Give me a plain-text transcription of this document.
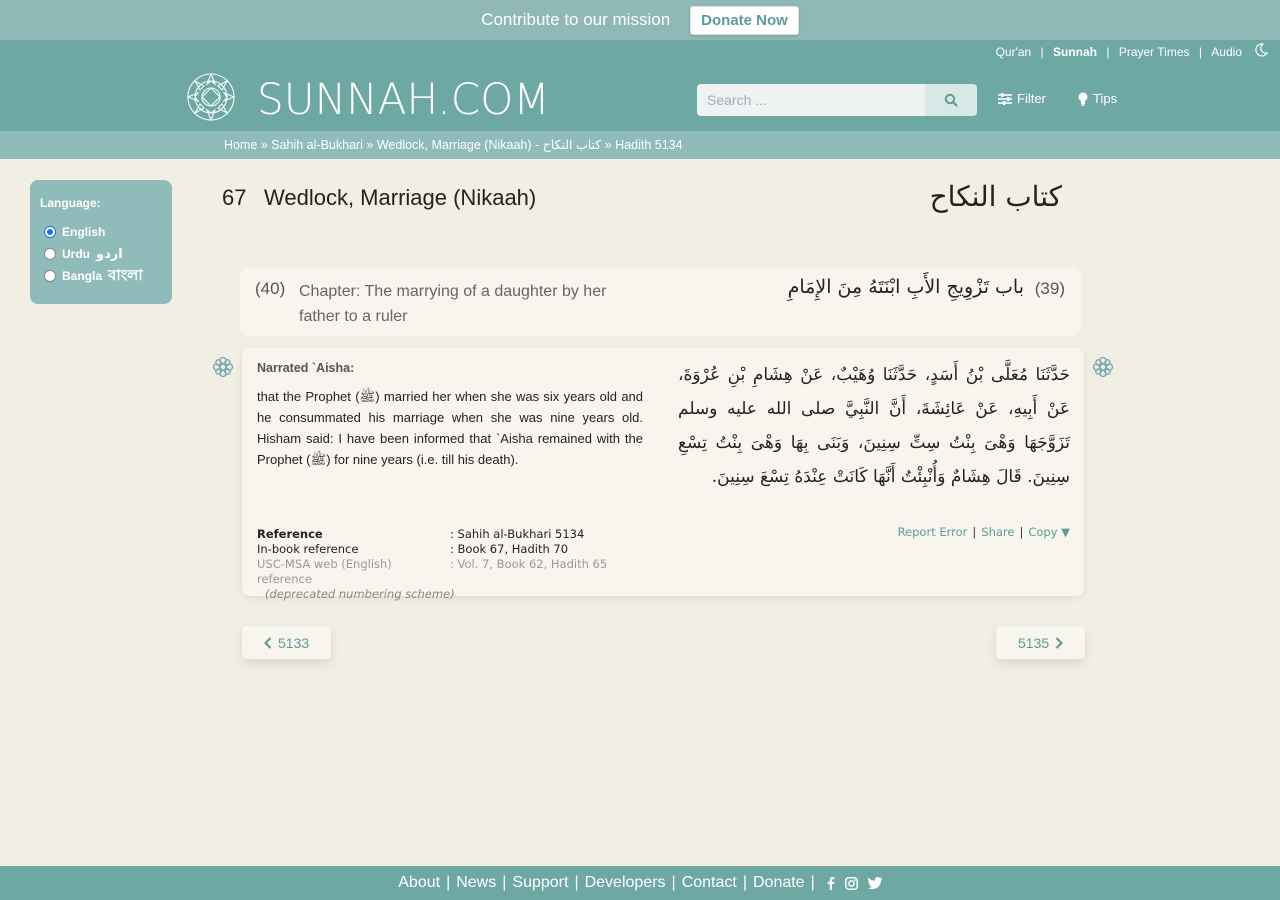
Contribute to our mission	Donate Now
Qur'an | Sunnah | Prayer Times | Audio
SUNNAH.COM
Search ...	Filter	Tips
Home » Sahih al-Bukhari » Wedlock, Marriage (Nikaah) - كتاب النكاح » Hadith 5134
Language:
English
Urdu اردو
Bangla বাংলা
67 Wedlock, Marriage (Nikaah)	كتاب النكاح
(40) Chapter: The marrying of a daughter by her father to a ruler
(39)
باب تَزْوِيجِ الأَبِ ابْنَتَهُ مِنَ الإِمَامِ
Narrated `Aisha:
that the Prophet (ﷺ) married her when she was six years old and he consummated his marriage when she was nine years old. Hisham said: I have been informed that `Aisha remained with the Prophet (ﷺ) for nine years (i.e. till his death).
حَدَّثَنَا مُعَلَّى بْنُ أَسَدٍ، حَدَّثَنَا وُهَيْبٌ، عَنْ هِشَامِ بْنِ عُرْوَةَ، عَنْ أَبِيهِ، عَنْ عَائِشَةَ، أَنَّ النَّبِيَّ صلى الله عليه وسلم تَزَوَّجَهَا وَهْىَ بِنْتُ سِتِّ سِنِينَ، وَبَنَى بِهَا وَهْىَ بِنْتُ تِسْعِ سِنِينَ‏.‏ قَالَ هِشَامٌ وَأُنْبِئْتُ أَنَّهَا كَانَتْ عِنْدَهُ تِسْعَ سِنِينَ‏.‏
Reference	: Sahih al-Bukhari 5134
In-book reference	: Book 67, Hadith 70
USC-MSA web (English) reference
: Vol. 7, Book 62, Hadith 65
(deprecated numbering scheme)
Report Error | Share | Copy ▼
5133	5135
About | News | Support | Developers | Contact | Donate |
